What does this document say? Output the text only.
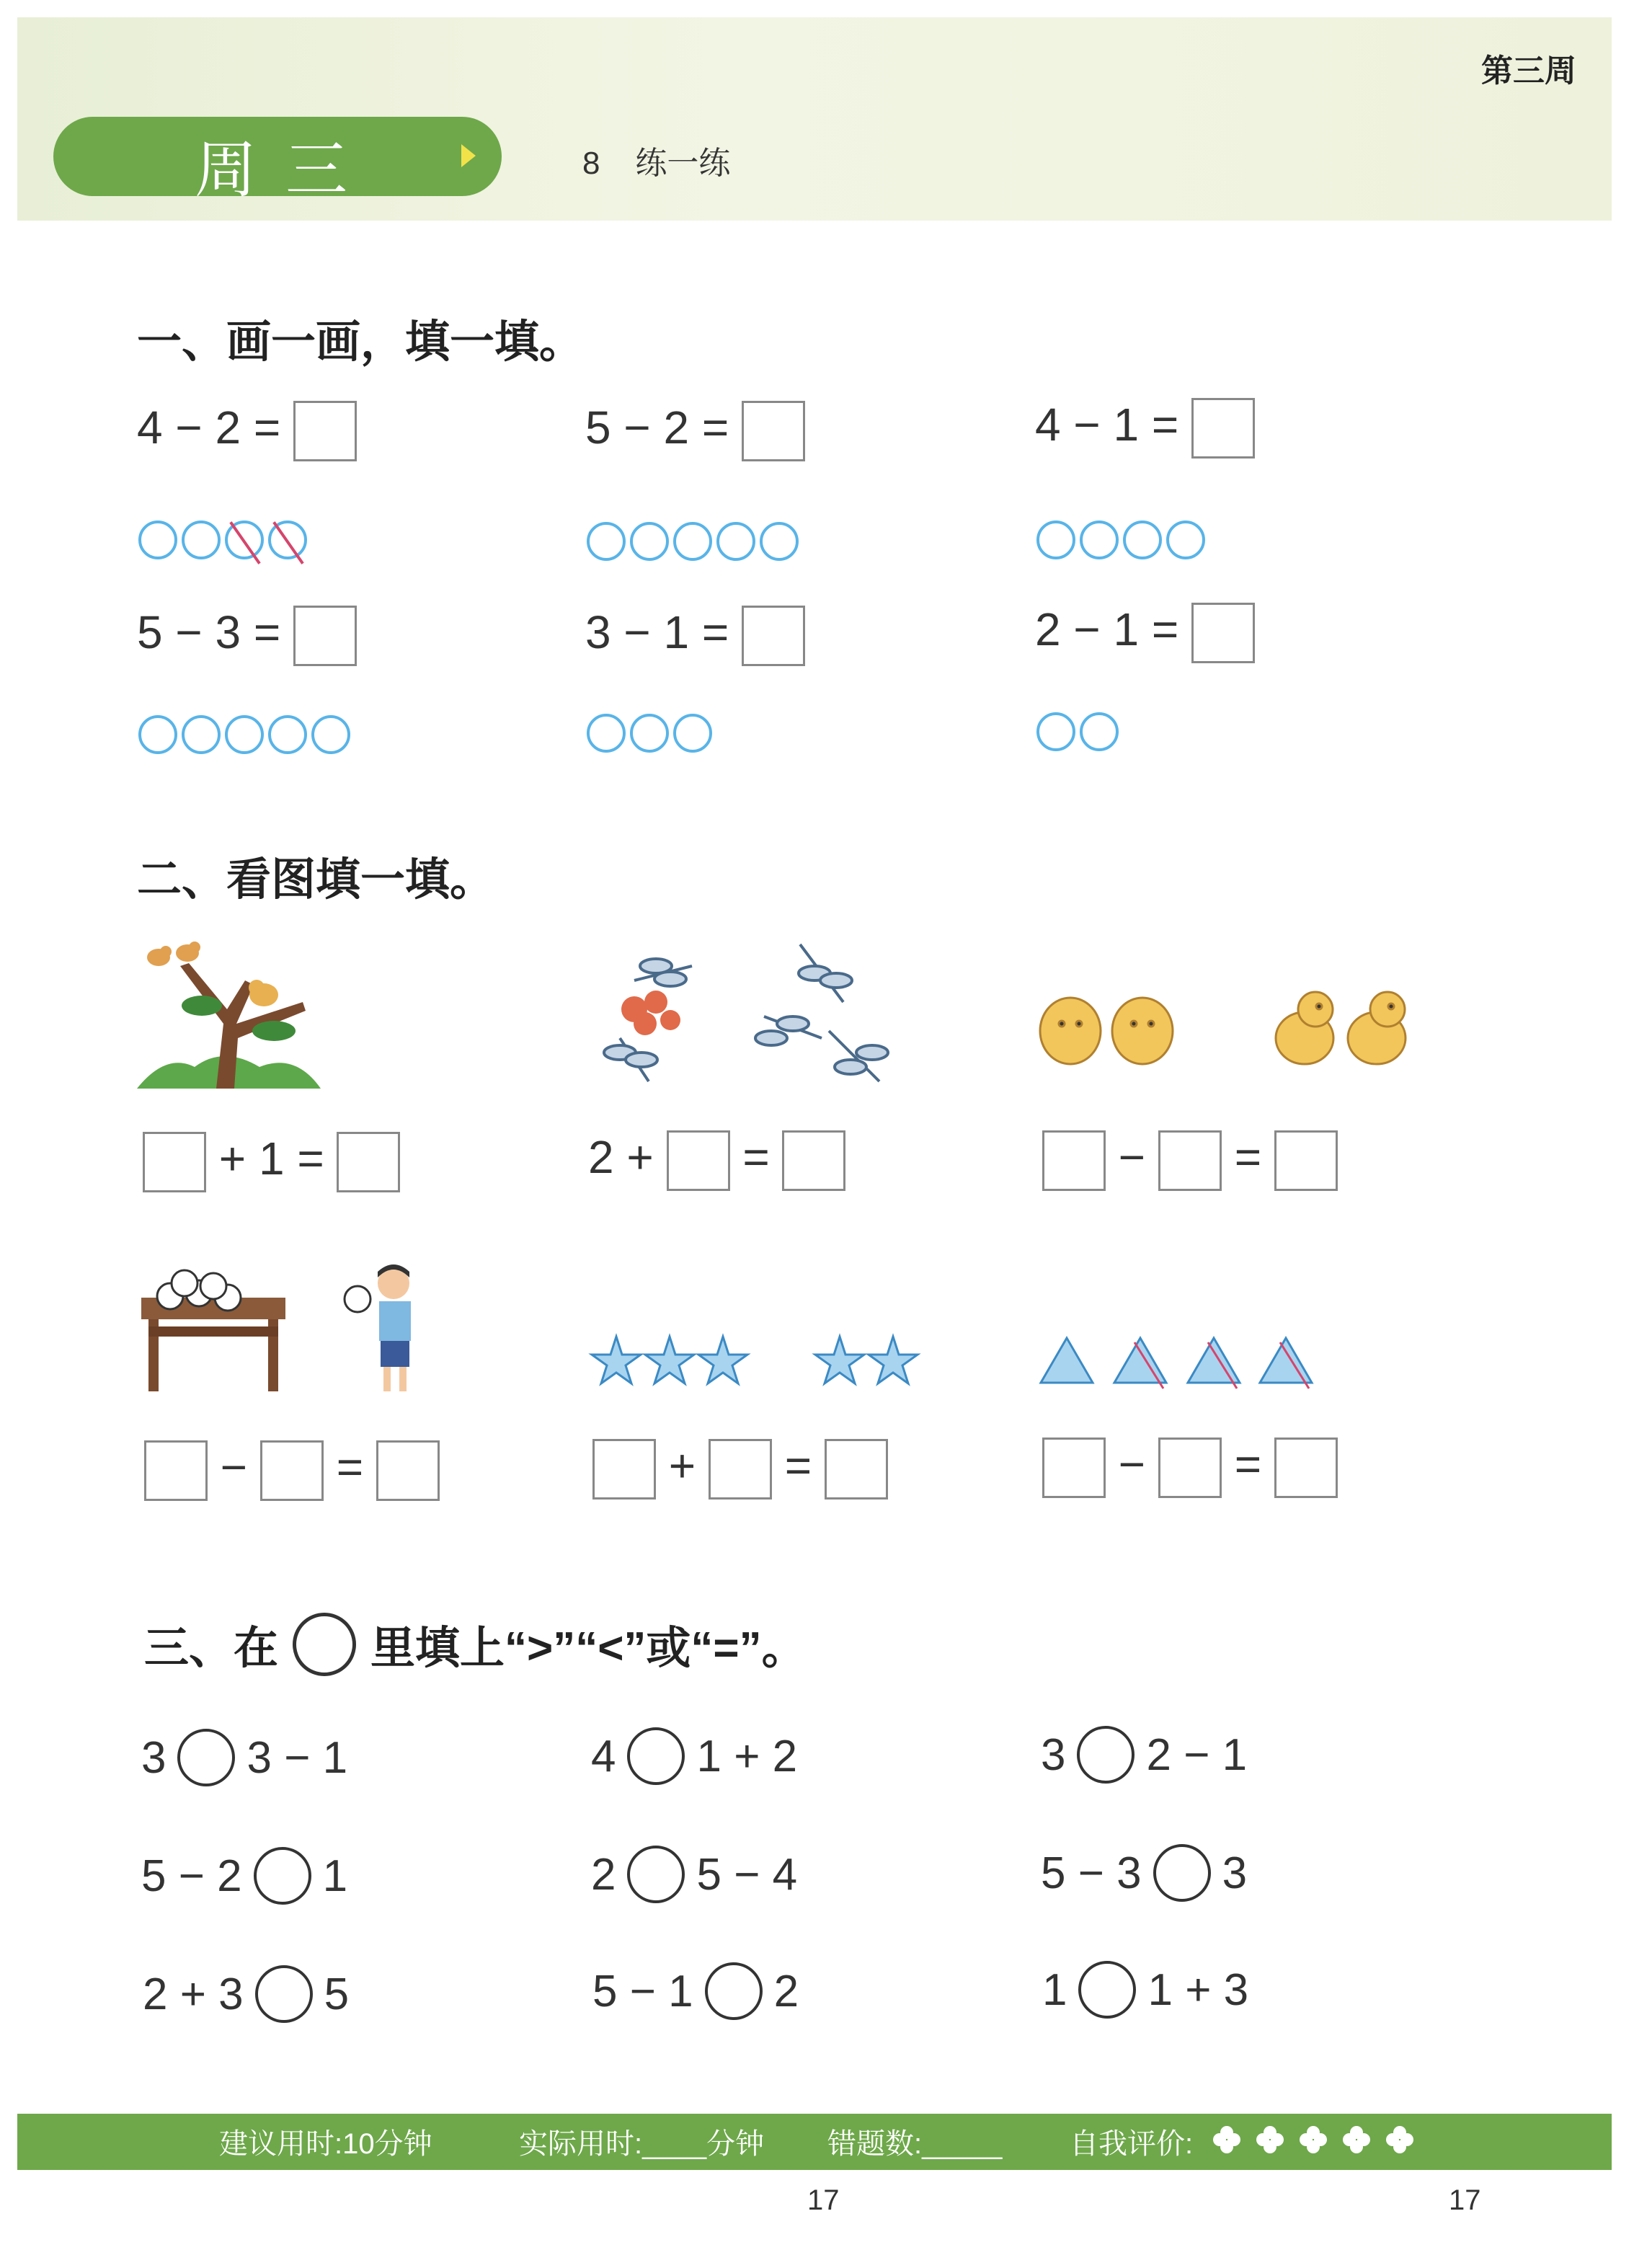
第三周
周三	8 练一练
一、画一画，填一填。
4 − 2 =	5 − 2 =	4 − 1 =
5 − 3 =	3 − 1 =	2 − 1 =
二、看图填一填。
+ 1 =	2 + =	− =
− =	+ =	− =
三、在 里填上“>”“<”或“=”。
3 3 − 1	4 1 + 2	3 2 − 1
5 − 2 1	2 5 − 4	5 − 3 3
2 + 3 5	5 − 1 2	1 1 + 3
建议用时:10分钟	实际用时:____分钟 错题数:_____ 自我评价:
17	17
